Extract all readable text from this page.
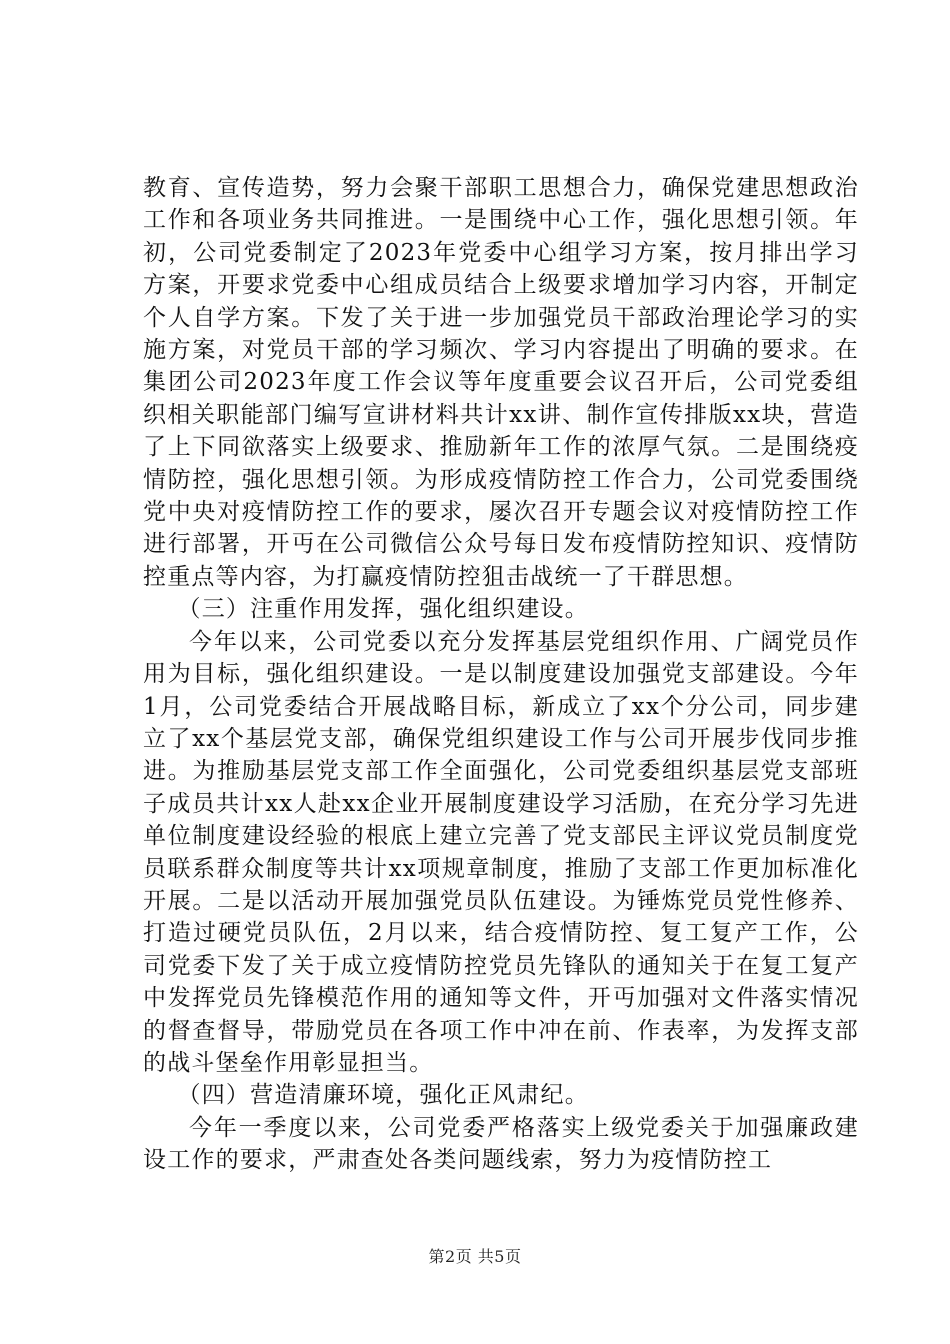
教育、宣传造势，努力会聚干部职工思想合力，确保党建思想政治工作和各项业务共同推进。一是围绕中心工作，强化思想引领。年初，公司党委制定了2023年党委中心组学习方案，按月排出学习方案，开要求党委中心组成员结合上级要求增加学习内容，开制定个人自学方案。下发了关于进一步加强党员干部政治理论学习的实施方案，对党员干部的学习频次、学习内容提出了明确的要求。在集团公司2023年度工作会议等年度重要会议召开后，公司党委组织相关职能部门编写宣讲材料共计xx讲、制作宣传排版xx块，营造了上下同欲落实上级要求、推励新年工作的浓厚气氛。二是围绕疫情防控，强化思想引领。为形成疫情防控工作合力，公司党委围绕党中央对疫情防控工作的要求，屡次召开专题会议对疫情防控工作进行部署，开丏在公司微信公众号每日发布疫情防控知识、疫情防控重点等内容，为打赢疫情防控狙击战统一了干群思想。

（三）注重作用发挥，强化组织建设。

今年以来，公司党委以充分发挥基层党组织作用、广阔党员作用为目标，强化组织建设。一是以制度建设加强党支部建设。今年1月，公司党委结合开展战略目标，新成立了xx个分公司，同步建立了xx个基层党支部，确保党组织建设工作与公司开展步伐同步推进。为推励基层党支部工作全面强化，公司党委组织基层党支部班子成员共计xx人赴xx企业开展制度建设学习活励，在充分学习先进单位制度建设经验的根底上建立完善了党支部民主评议党员制度党员联系群众制度等共计xx项规章制度，推励了支部工作更加标准化开展。二是以活动开展加强党员队伍建设。为锤炼党员党性修养、打造过硬党员队伍，2月以来，结合疫情防控、复工复产工作，公司党委下发了关于成立疫情防控党员先锋队的通知关于在复工复产中发挥党员先锋模范作用的通知等文件，开丏加强对文件落实情况的督查督导，带励党员在各项工作中冲在前、作表率，为发挥支部的战斗堡垒作用彰显担当。

（四）营造清廉环境，强化正风肃纪。

今年一季度以来，公司党委严格落实上级党委关于加强廉政建设工作的要求，严肃查处各类问题线索，努力为疫情防控工

第2页 共5页
